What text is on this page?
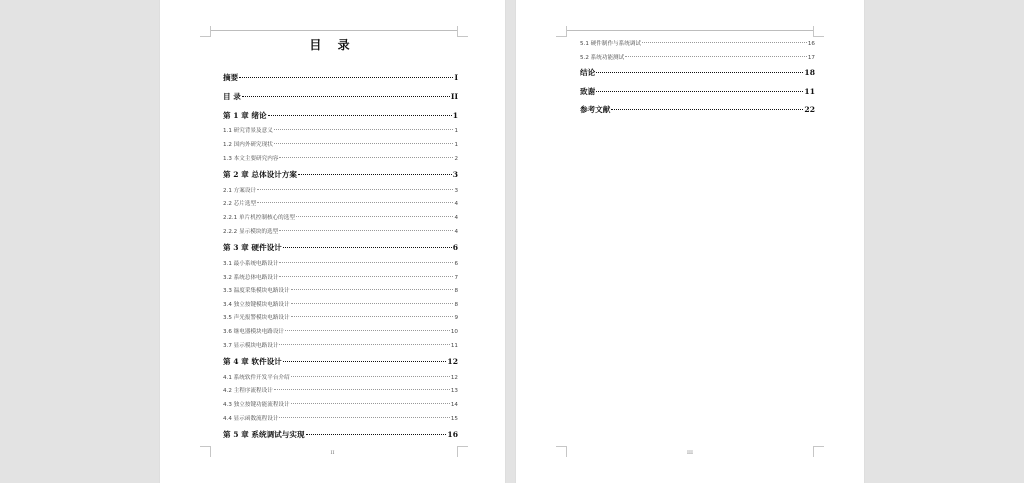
目 录
摘要	I
目 录	II
第 1 章 绪论	1
1.1 研究背景及意义	1
1.2 国内外研究现状	1
1.3 本文主要研究内容	2
第 2 章 总体设计方案	3
2.1 方案设计	3
2.2 芯片选型	4
2.2.1 单片机控制核心的选型	4
2.2.2 显示模块的选型	4
第 3 章 硬件设计	6
3.1 最小系统电路设计	6
3.2 系统总体电路设计	7
3.3 温度采集模块电路设计	8
3.4 独立按键模块电路设计	8
3.5 声光报警模块电路设计	9
3.6 继电器模块电路设计	10
3.7 显示模块电路设计	11
第 4 章 软件设计	12
4.1 系统软件开发平台介绍	12
4.2 主程序流程设计	13
4.3 独立按键功能流程设计	14
4.4 显示函数流程设计	15
第 5 章 系统调试与实现	16
II
5.1 硬件制作与系统调试	16
5.2 系统功能测试	17
结论	18
致谢	11
参考文献	22
III
